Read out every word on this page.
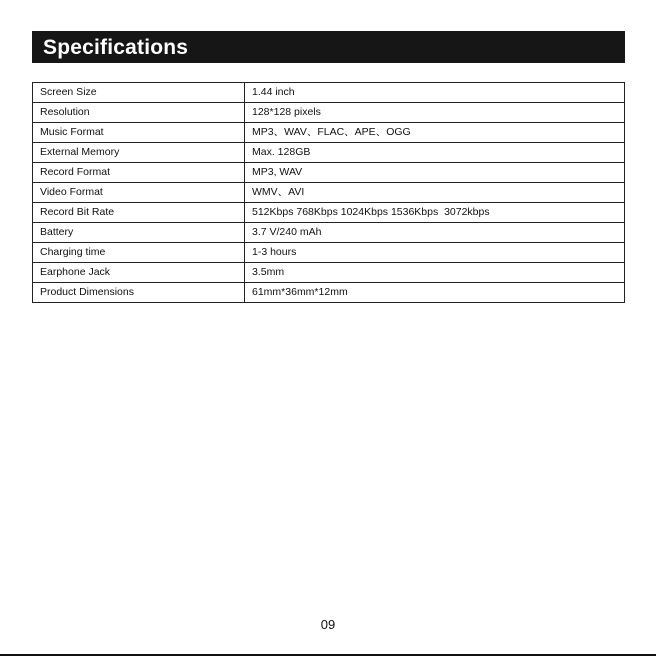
Specifications
Screen Size	1.44 inch
Resolution	128*128 pixels
Music Format	MP3、WAV、FLAC、APE、OGG
External Memory	Max. 128GB
Record Format	MP3, WAV
Video Format	WMV、AVI
Record Bit Rate	512Kbps 768Kbps 1024Kbps 1536Kbps  3072kbps
Battery	3.7 V/240 mAh
Charging time	1-3 hours
Earphone Jack	3.5mm
Product Dimensions	61mm*36mm*12mm
09
